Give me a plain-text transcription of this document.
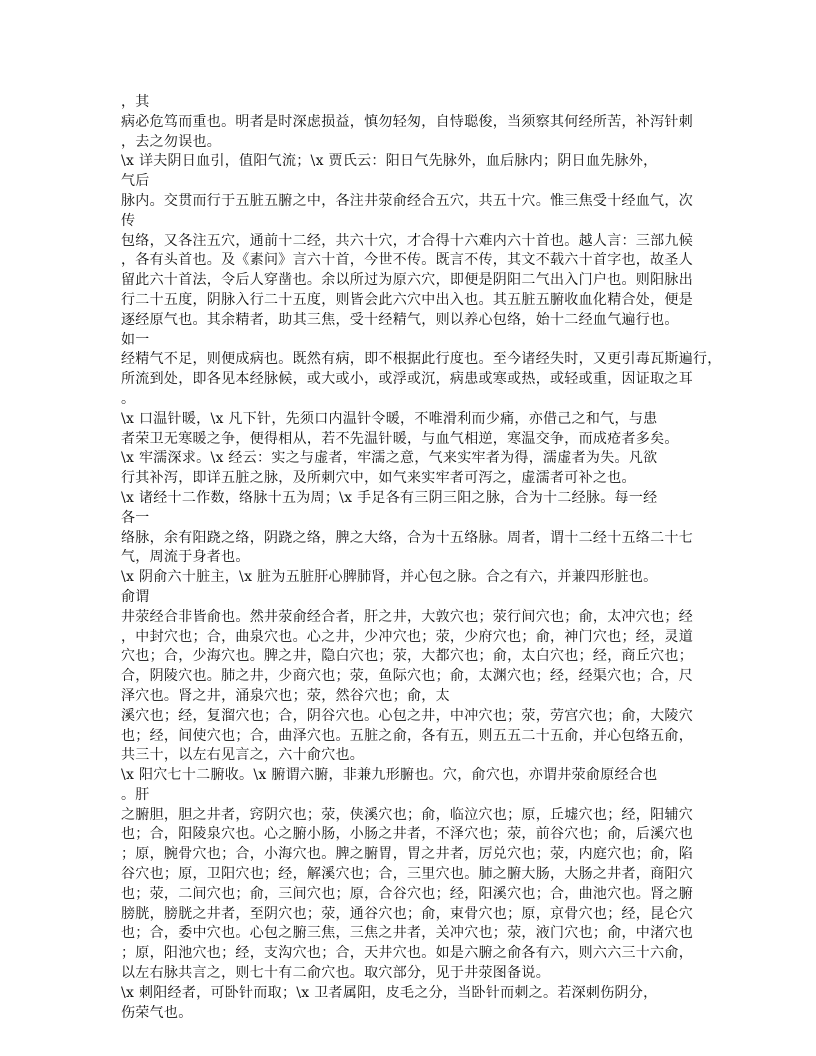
，其
病必危笃而重也。明者是时深虑损益，慎勿轻匆，自恃聪俊，当须察其何经所苦，补泻针刺
，去之勿误也。
\x 详夫阴日血引，值阳气流；\x 贾氏云：阳日气先脉外，血后脉内；阴日血先脉外，
气后
脉内。交贯而行于五脏五腑之中，各注井荥俞经合五穴，共五十穴。惟三焦受十经血气，次
传
包络，又各注五穴，通前十二经，共六十穴，才合得十六难内六十首也。越人言：三部九候
，各有头首也。及《素问》言六十首，今世不传。既言不传，其文不载六十首字也，故圣人
留此六十首法，令后人穿凿也。余以所过为原六穴，即便是阴阳二气出入门户也。则阳脉出
行二十五度，阴脉入行二十五度，则皆会此六穴中出入也。其五脏五腑收血化精合处，便是
逐经原气也。其余精者，助其三焦，受十经精气，则以养心包络，始十二经血气遍行也。
如一
经精气不足，则便成病也。既然有病，即不根据此行度也。至今诸经失时，又更引毒瓦斯遍行，
所流到处，即各见本经脉候，或大或小，或浮或沉，病患或寒或热，或轻或重，因证取之耳
。
\x 口温针暖，\x 凡下针，先须口内温针令暖，不唯滑利而少痛，亦借己之和气，与患
者荣卫无寒暖之争，便得相从，若不先温针暖，与血气相逆，寒温交争，而成疮者多矣。
\x 牢濡深求。\x 经云：实之与虚者，牢濡之意，气来实牢者为得，濡虚者为失。凡欲
行其补泻，即详五脏之脉，及所刺穴中，如气来实牢者可泻之，虚濡者可补之也。
\x 诸经十二作数，络脉十五为周；\x 手足各有三阴三阳之脉，合为十二经脉。每一经
各一
络脉，余有阳跷之络，阴跷之络，脾之大络，合为十五络脉。周者，谓十二经十五络二十七
气，周流于身者也。
\x 阴俞六十脏主，\x 脏为五脏肝心脾肺肾，并心包之脉。合之有六，并兼四形脏也。
俞谓
井荥经合非皆俞也。然井荥俞经合者，肝之井，大敦穴也；荥行间穴也；俞，太冲穴也；经
，中封穴也；合，曲泉穴也。心之井，少冲穴也；荥，少府穴也；俞，神门穴也；经，灵道
穴也；合，少海穴也。脾之井，隐白穴也；荥，大都穴也；俞，太白穴也；经，商丘穴也；
合，阴陵穴也。肺之井，少商穴也；荥，鱼际穴也；俞，太渊穴也；经，经渠穴也；合，尺
泽穴也。肾之井，涌泉穴也；荥，然谷穴也；俞，太
溪穴也；经，复溜穴也；合，阴谷穴也。心包之井，中冲穴也；荥，劳宫穴也；俞，大陵穴
也；经，间使穴也；合，曲泽穴也。五脏之俞，各有五，则五五二十五俞，并心包络五俞，
共三十，以左右见言之，六十俞穴也。
\x 阳穴七十二腑收。\x 腑谓六腑，非兼九形腑也。穴，俞穴也，亦谓井荥俞原经合也
。肝
之腑胆，胆之井者，窍阴穴也；荥，侠溪穴也；俞，临泣穴也；原，丘墟穴也；经，阳辅穴
也；合，阳陵泉穴也。心之腑小肠，小肠之井者，不泽穴也；荥，前谷穴也；俞，后溪穴也
；原，腕骨穴也；合，小海穴也。脾之腑胃，胃之井者，厉兑穴也；荥，内庭穴也；俞，陷
谷穴也；原，卫阳穴也；经，解溪穴也；合，三里穴也。肺之腑大肠，大肠之井者，商阳穴
也；荥，二间穴也；俞，三间穴也；原，合谷穴也；经，阳溪穴也；合，曲池穴也。肾之腑
膀胱，膀胱之井者，至阴穴也；荥，通谷穴也；俞，束骨穴也；原，京骨穴也；经，昆仑穴
也；合，委中穴也。心包之腑三焦，三焦之井者，关冲穴也；荥，液门穴也；俞，中渚穴也
；原，阳池穴也；经，支沟穴也；合，天井穴也。如是六腑之俞各有六，则六六三十六俞，
以左右脉共言之，则七十有二俞穴也。取穴部分，见于井荥图备说。
\x 刺阳经者，可卧针而取；\x 卫者属阳，皮毛之分，当卧针而刺之。若深刺伤阴分，
伤荣气也。
